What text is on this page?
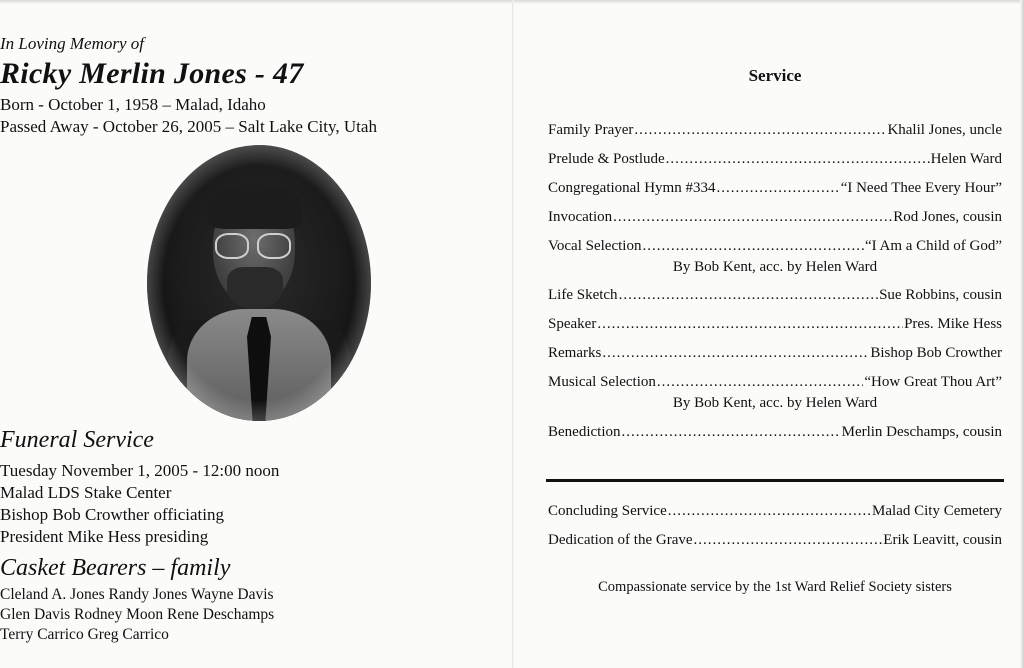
In Loving Memory of
Ricky Merlin Jones - 47
Born - October 1, 1958 – Malad, Idaho
Passed Away - October 26, 2005 – Salt Lake City, Utah
Funeral Service
Tuesday November 1, 2005 - 12:00 noon
Malad LDS Stake Center
Bishop Bob Crowther officiating
President Mike Hess presiding
Casket Bearers – family
Cleland A. Jones Randy Jones Wayne Davis
Glen Davis Rodney Moon Rene Deschamps
Terry Carrico Greg Carrico
Service
Family Prayer .....	Khalil Jones, uncle
Prelude & Postlude .....	Helen Ward
Congregational Hymn #334 .....	“I Need Thee Every Hour”
Invocation .....	Rod Jones, cousin
Vocal Selection .....	“I Am a Child of God”
By Bob Kent, acc. by Helen Ward
Life Sketch .....	Sue Robbins, cousin
Speaker .....	Pres. Mike Hess
Remarks .....	Bishop Bob Crowther
Musical Selection .....	“How Great Thou Art”
By Bob Kent, acc. by Helen Ward
Benediction .....	Merlin Deschamps, cousin
Concluding Service .....	Malad City Cemetery
Dedication of the Grave .....	Erik Leavitt, cousin
Compassionate service by the 1st Ward Relief Society sisters
